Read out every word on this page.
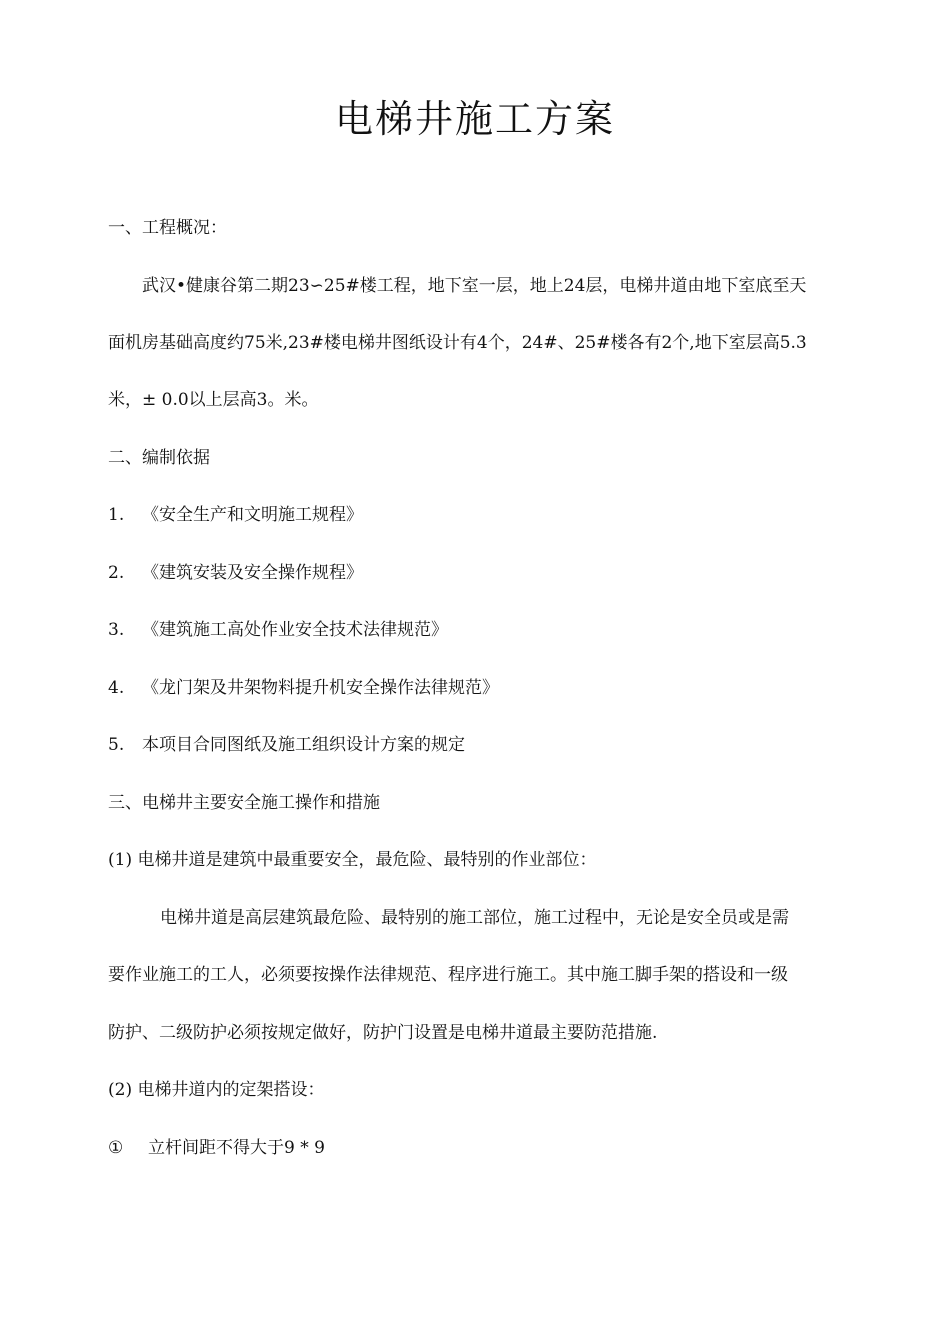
电梯井施工方案
一、工程概况：
武汉•健康谷第二期23∽25#楼工程，地下室一层，地上24层，电梯井道由地下室底至天
面机房基础高度约75米,23#楼电梯井图纸设计有4个，24#、25#楼各有2个,地下室层高5.3
米，± 0.0以上层高3。米。
二、编制依据
1. 《安全生产和文明施工规程》
2. 《建筑安装及安全操作规程》
3. 《建筑施工高处作业安全技术法律规范》
4. 《龙门架及井架物料提升机安全操作法律规范》
5. 本项目合同图纸及施工组织设计方案的规定
三、电梯井主要安全施工操作和措施
(1) 电梯井道是建筑中最重要安全，最危险、最特别的作业部位：
电梯井道是高层建筑最危险、最特别的施工部位，施工过程中，无论是安全员或是需
要作业施工的工人，必须要按操作法律规范、程序进行施工。其中施工脚手架的搭设和一级
防护、二级防护必须按规定做好，防护门设置是电梯井道最主要防范措施.
(2) 电梯井道内的定架搭设：
① 立杆间距不得大于9 * 9
